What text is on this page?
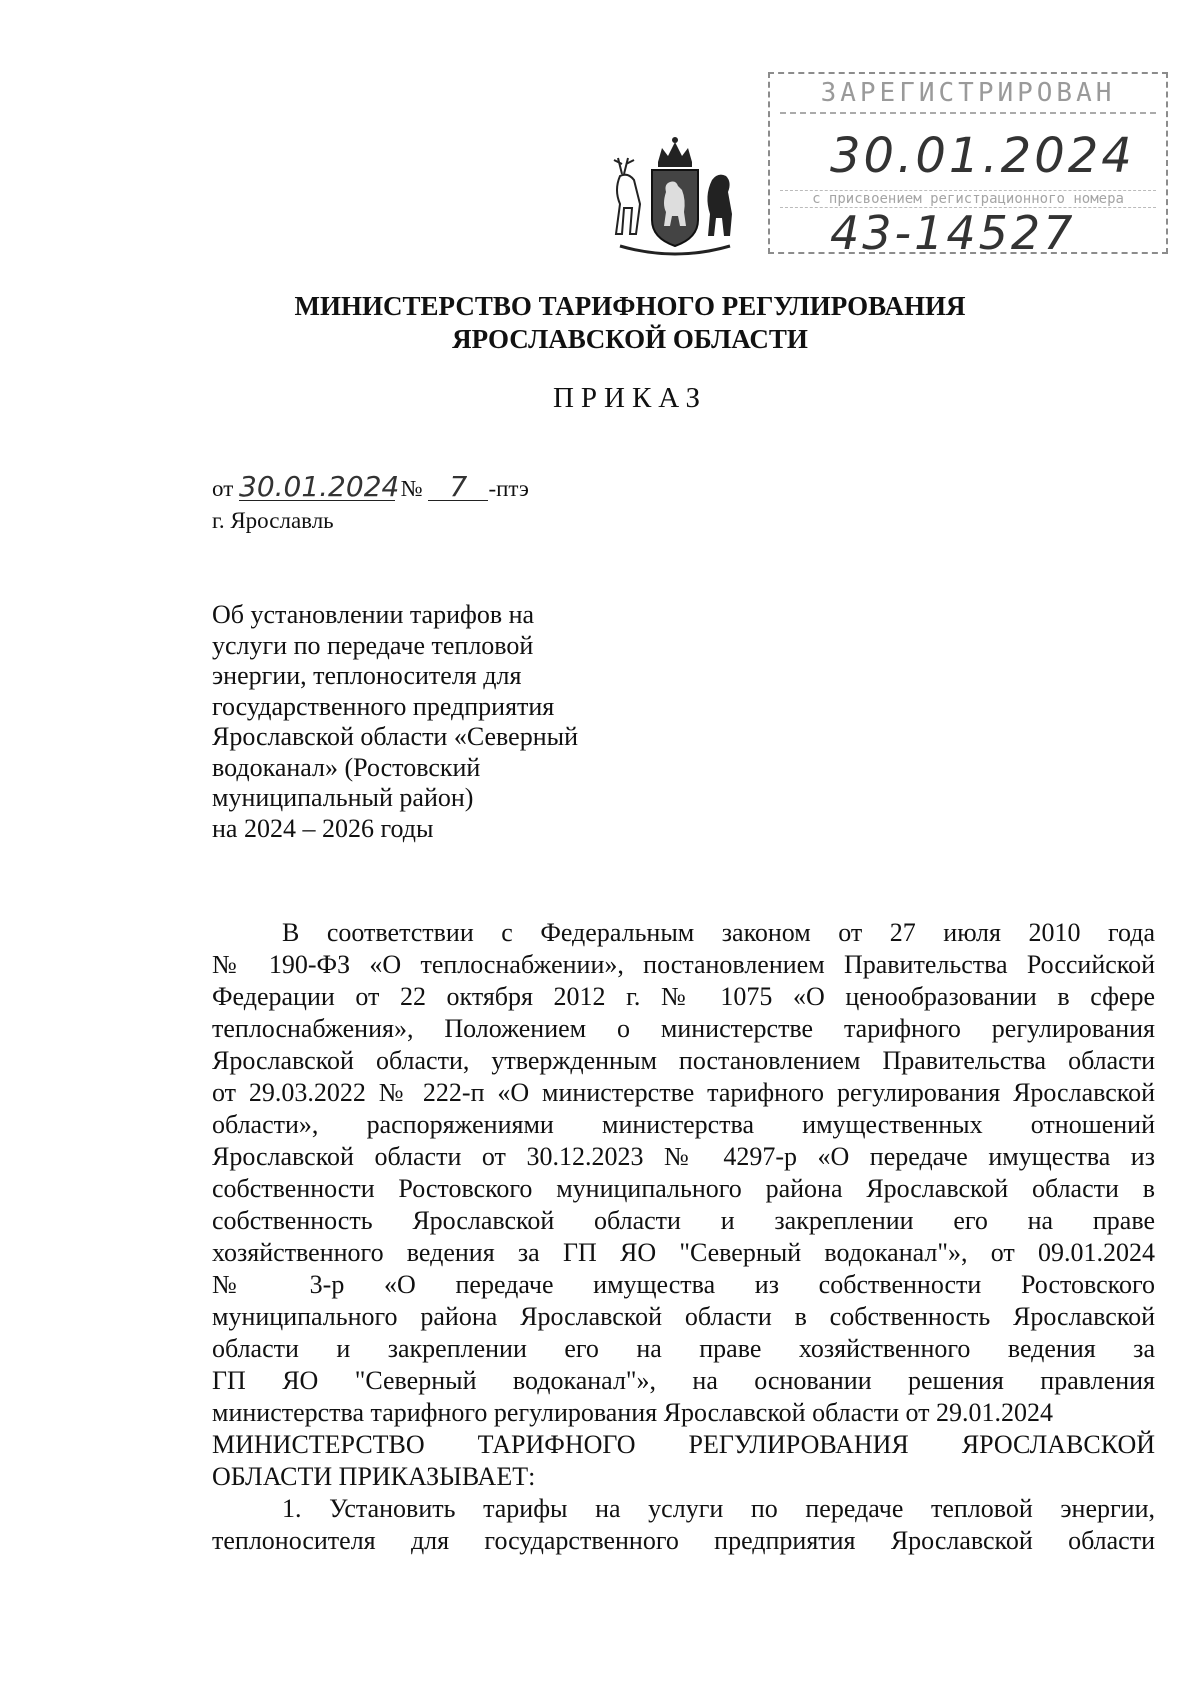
ЗАРЕГИСТРИРОВАН
30.01.2024
с присвоением регистрационного номера
43-14527
МИНИСТЕРСТВО ТАРИФНОГО РЕГУЛИРОВАНИЯ
ЯРОСЛАВСКОЙ ОБЛАСТИ
ПРИКАЗ
от 30.01.2024 № 7 -птэ
г. Ярославль
Об установлении тарифов на
услуги по передаче тепловой
энергии, теплоносителя для
государственного предприятия
Ярославской области «Северный
водоканал» (Ростовский
муниципальный район)
на 2024 – 2026 годы
В соответствии с Федеральным законом от 27 июля 2010 года
№ 190-ФЗ «О теплоснабжении», постановлением Правительства Российской
Федерации от 22 октября 2012 г. № 1075 «О ценообразовании в сфере
теплоснабжения», Положением о министерстве тарифного регулирования
Ярославской области, утвержденным постановлением Правительства области
от 29.03.2022 № 222-п «О министерстве тарифного регулирования Ярославской
области», распоряжениями министерства имущественных отношений
Ярославской области от 30.12.2023 № 4297-р «О передаче имущества из
собственности Ростовского муниципального района Ярославской области в
собственность Ярославской области и закреплении его на праве
хозяйственного ведения за ГП ЯО "Северный водоканал"», от 09.01.2024
№ 3-р «О передаче имущества из собственности Ростовского
муниципального района Ярославской области в собственность Ярославской
области и закреплении его на праве хозяйственного ведения за
ГП ЯО "Северный водоканал"», на основании решения правления
министерства тарифного регулирования Ярославской области от 29.01.2024
МИНИСТЕРСТВО ТАРИФНОГО РЕГУЛИРОВАНИЯ ЯРОСЛАВСКОЙ
ОБЛАСТИ ПРИКАЗЫВАЕТ:
1. Установить тарифы на услуги по передаче тепловой энергии,
теплоносителя для государственного предприятия Ярославской области
